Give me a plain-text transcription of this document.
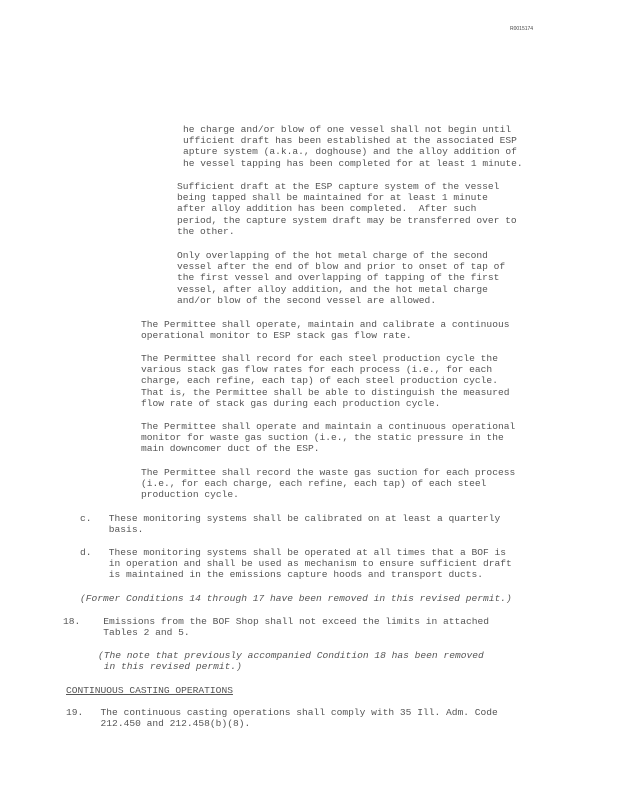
R0015174
he charge and/or blow of one vessel shall not begin until
ufficient draft has been established at the associated ESP
apture system (a.k.a., doghouse) and the alloy addition of
he vessel tapping has been completed for at least 1 minute.
Sufficient draft at the ESP capture system of the vessel
being tapped shall be maintained for at least 1 minute
after alloy addition has been completed.  After such
period, the capture system draft may be transferred over to
the other.
Only overlapping of the hot metal charge of the second
vessel after the end of blow and prior to onset of tap of
the first vessel and overlapping of tapping of the first
vessel, after alloy addition, and the hot metal charge
and/or blow of the second vessel are allowed.
The Permittee shall operate, maintain and calibrate a continuous
operational monitor to ESP stack gas flow rate.
The Permittee shall record for each steel production cycle the
various stack gas flow rates for each process (i.e., for each
charge, each refine, each tap) of each steel production cycle.
That is, the Permittee shall be able to distinguish the measured
flow rate of stack gas during each production cycle.
The Permittee shall operate and maintain a continuous operational
monitor for waste gas suction (i.e., the static pressure in the
main downcomer duct of the ESP.
The Permittee shall record the waste gas suction for each process
(i.e., for each charge, each refine, each tap) of each steel
production cycle.
c.   These monitoring systems shall be calibrated on at least a quarterly
basis.
d.   These monitoring systems shall be operated at all times that a BOF is
in operation and shall be used as mechanism to ensure sufficient draft
is maintained in the emissions capture hoods and transport ducts.
(Former Conditions 14 through 17 have been removed in this revised permit.)
18.    Emissions from the BOF Shop shall not exceed the limits in attached
Tables 2 and 5.
(The note that previously accompanied Condition 18 has been removed
in this revised permit.)
CONTINUOUS CASTING OPERATIONS
19.   The continuous casting operations shall comply with 35 Ill. Adm. Code
212.450 and 212.458(b)(8).
